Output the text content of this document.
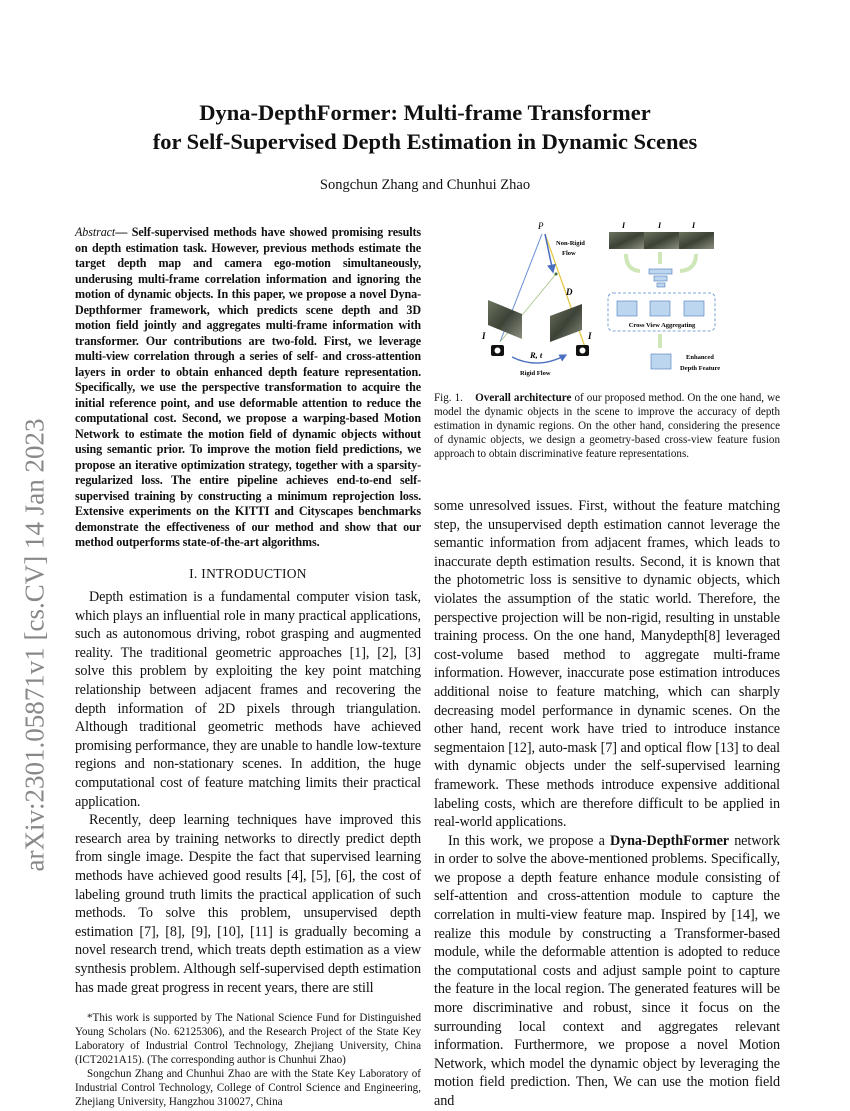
arXiv:2301.05871v1 [cs.CV] 14 Jan 2023
Dyna-DepthFormer: Multi-frame Transformer
for Self-Supervised Depth Estimation in Dynamic Scenes
Songchun Zhang and Chunhui Zhao
Abstract— Self-supervised methods have showed promising results on depth estimation task. However, previous methods estimate the target depth map and camera ego-motion simultaneously, underusing multi-frame correlation information and ignoring the motion of dynamic objects. In this paper, we propose a novel Dyna-Depthformer framework, which predicts scene depth and 3D motion field jointly and aggregates multi-frame information with transformer. Our contributions are two-fold. First, we leverage multi-view correlation through a series of self- and cross-attention layers in order to obtain enhanced depth feature representation. Specifically, we use the perspective transformation to acquire the initial reference point, and use deformable attention to reduce the computational cost. Second, we propose a warping-based Motion Network to estimate the motion field of dynamic objects without using semantic prior. To improve the motion field predictions, we propose an iterative optimization strategy, together with a sparsity-regularized loss. The entire pipeline achieves end-to-end self-supervised training by constructing a minimum reprojection loss. Extensive experiments on the KITTI and Cityscapes benchmarks demonstrate the effectiveness of our method and show that our method outperforms state-of-the-art algorithms.

I. INTRODUCTION

Depth estimation is a fundamental computer vision task, which plays an influential role in many practical applications, such as autonomous driving, robot grasping and augmented reality. The traditional geometric approaches [1], [2], [3] solve this problem by exploiting the key point matching relationship between adjacent frames and recovering the depth information of 2D pixels through triangulation. Although traditional geometric methods have achieved promising performance, they are unable to handle low-texture regions and non-stationary scenes. In addition, the huge computational cost of feature matching limits their practical application.

Recently, deep learning techniques have improved this research area by training networks to directly predict depth from single image. Despite the fact that supervised learning methods have achieved good results [4], [5], [6], the cost of labeling ground truth limits the practical application of such methods. To solve this problem, unsupervised depth estimation [7], [8], [9], [10], [11] is gradually becoming a novel research trend, which treats depth estimation as a view synthesis problem. Although self-supervised depth estimation has made great progress in recent years, there are still

*This work is supported by The National Science Fund for Distinguished Young Scholars (No. 62125306), and the Research Project of the State Key Laboratory of Industrial Control Technology, Zhejiang University, China (ICT2021A15). (The corresponding author is Chunhui Zhao)

Songchun Zhang and Chunhui Zhao are with the State Key Laboratory of Industrial Control Technology, College of Control Science and Engineering, Zhejiang University, Hangzhou 310027, China

P
Non-Rigid
Flow
D
I	I
R, t
Rigid Flow
I	I	I
Cross View Aggregating
Enhanced
Depth Feature
Fig. 1. Overall architecture of our proposed method. On the one hand, we model the dynamic objects in the scene to improve the accuracy of depth estimation in dynamic regions. On the other hand, considering the presence of dynamic objects, we design a geometry-based cross-view feature fusion approach to obtain discriminative feature representations.

some unresolved issues. First, without the feature matching step, the unsupervised depth estimation cannot leverage the semantic information from adjacent frames, which leads to inaccurate depth estimation results. Second, it is known that the photometric loss is sensitive to dynamic objects, which violates the assumption of the static world. Therefore, the perspective projection will be non-rigid, resulting in unstable training process. On the one hand, Manydepth[8] leveraged cost-volume based method to aggregate multi-frame information. However, inaccurate pose estimation introduces additional noise to feature matching, which can sharply decreasing model performance in dynamic scenes. On the other hand, recent work have tried to introduce instance segmentaion [12], auto-mask [7] and optical flow [13] to deal with dynamic objects under the self-supervised learning framework. These methods introduce expensive additional labeling costs, which are therefore difficult to be applied in real-world applications.

In this work, we propose a Dyna-DepthFormer network in order to solve the above-mentioned problems. Specifically, we propose a depth feature enhance module consisting of self-attention and cross-attention module to capture the correlation in multi-view feature map. Inspired by [14], we realize this module by constructing a Transformer-based module, while the deformable attention is adopted to reduce the computational costs and adjust sample point to capture the feature in the local region. The generated features will be more discriminative and robust, since it focus on the surrounding local context and aggregates relevant information. Furthermore, we propose a novel Motion Network, which model the dynamic object by leveraging the motion field prediction. Then, We can use the motion field and
